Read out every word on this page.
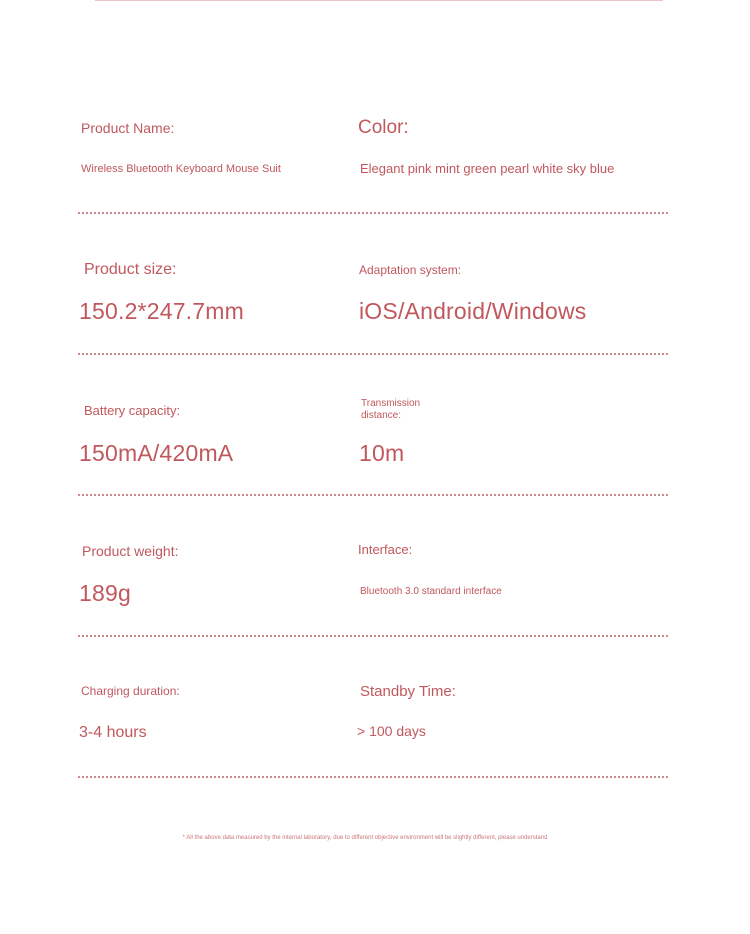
Product Name:
Wireless Bluetooth Keyboard Mouse Suit
Color:
Elegant pink mint green pearl white sky blue
Product size:
150.2*247.7mm
Adaptation system:
iOS/Android/Windows
Battery capacity:
150mA/420mA
Transmission
distance:
10m
Product weight:
189g
Interface:
Bluetooth 3.0 standard interface
Charging duration:
3-4 hours
Standby Time:
> 100 days
* All the above data measured by the internal laboratory, due to different objective environment will be slightly different, please understand
